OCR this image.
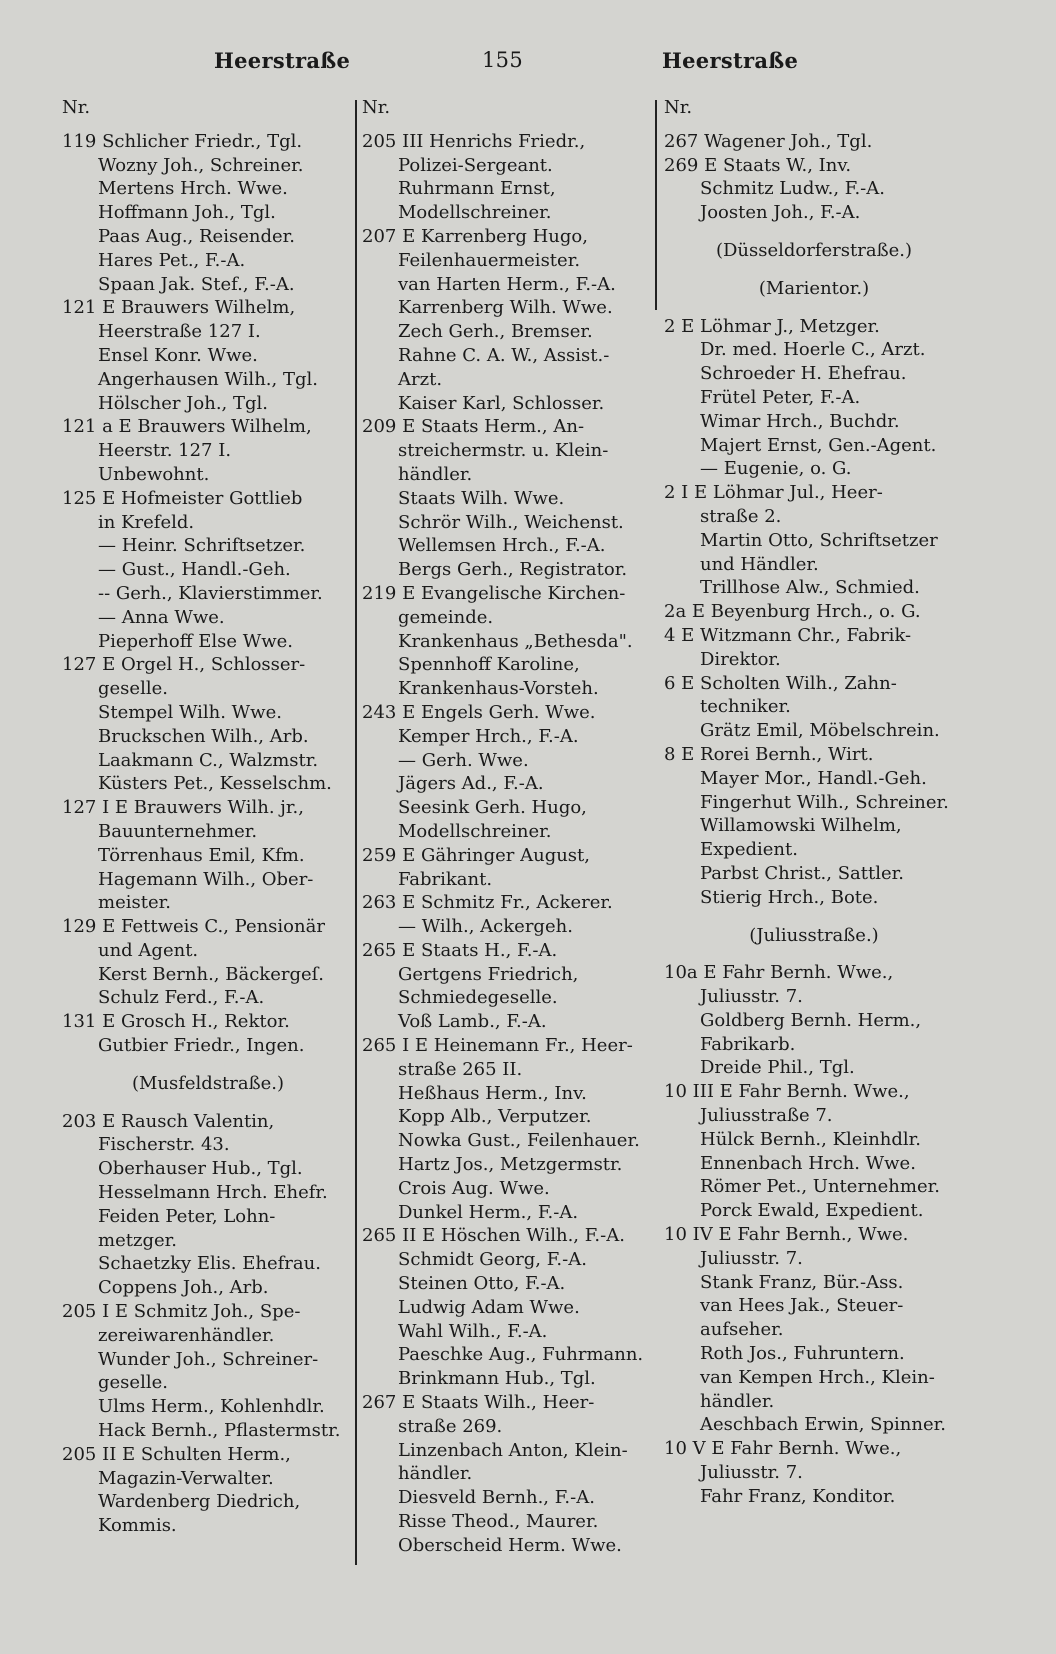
Heerstraße	155	Heerstraße
Nr.
119 Schlicher Friedr., Tgl.
Wozny Joh., Schreiner.
Mertens Hrch. Wwe.
Hoffmann Joh., Tgl.
Paas Aug., Reisender.
Hares Pet., F.-A.
Spaan Jak. Stef., F.-A.
121 E Brauwers Wilhelm,
Heerstraße 127 I.
Ensel Konr. Wwe.
Angerhausen Wilh., Tgl.
Hölscher Joh., Tgl.
121 a E Brauwers Wilhelm,
Heerstr. 127 I.
Unbewohnt.
125 E Hofmeister Gottlieb
in Krefeld.
— Heinr. Schriftsetzer.
— Gust., Handl.-Geh.
-- Gerh., Klavierstimmer.
— Anna Wwe.
Pieperhoff Else Wwe.
127 E Orgel H., Schlosser-
geselle.
Stempel Wilh. Wwe.
Bruckschen Wilh., Arb.
Laakmann C., Walzmstr.
Küsters Pet., Kesselschm.
127 I E Brauwers Wilh. jr.,
Bauunternehmer.
Törrenhaus Emil, Kfm.
Hagemann Wilh., Ober-
meister.
129 E Fettweis C., Pensionär
und Agent.
Kerst Bernh., Bäckergeſ.
Schulz Ferd., F.-A.
131 E Grosch H., Rektor.
Gutbier Friedr., Ingen.
(Musfeldstraße.)
203 E Rausch Valentin,
Fischerstr. 43.
Oberhauser Hub., Tgl.
Hesselmann Hrch. Ehefr.
Feiden Peter, Lohn-
metzger.
Schaetzky Elis. Ehefrau.
Coppens Joh., Arb.
205 I E Schmitz Joh., Spe-
zereiwarenhändler.
Wunder Joh., Schreiner-
geselle.
Ulms Herm., Kohlenhdlr.
Hack Bernh., Pflastermstr.
205 II E Schulten Herm.,
Magazin-Verwalter.
Wardenberg Diedrich,
Kommis.
Nr.
205 III Henrichs Friedr.,
Polizei-Sergeant.
Ruhrmann Ernst,
Modellschreiner.
207 E Karrenberg Hugo,
Feilenhauermeister.
van Harten Herm., F.-A.
Karrenberg Wilh. Wwe.
Zech Gerh., Bremser.
Rahne C. A. W., Assist.-
Arzt.
Kaiser Karl, Schlosser.
209 E Staats Herm., An-
streichermstr. u. Klein-
händler.
Staats Wilh. Wwe.
Schrör Wilh., Weichenst.
Wellemsen Hrch., F.-A.
Bergs Gerh., Registrator.
219 E Evangelische Kirchen-
gemeinde.
Krankenhaus „Bethesda".
Spennhoff Karoline,
Krankenhaus-Vorsteh.
243 E Engels Gerh. Wwe.
Kemper Hrch., F.-A.
— Gerh. Wwe.
Jägers Ad., F.-A.
Seesink Gerh. Hugo,
Modellschreiner.
259 E Gähringer August,
Fabrikant.
263 E Schmitz Fr., Ackerer.
— Wilh., Ackergeh.
265 E Staats H., F.-A.
Gertgens Friedrich,
Schmiedegeselle.
Voß Lamb., F.-A.
265 I E Heinemann Fr., Heer-
straße 265 II.
Heßhaus Herm., Inv.
Kopp Alb., Verputzer.
Nowka Gust., Feilenhauer.
Hartz Jos., Metzgermstr.
Crois Aug. Wwe.
Dunkel Herm., F.-A.
265 II E Höschen Wilh., F.-A.
Schmidt Georg, F.-A.
Steinen Otto, F.-A.
Ludwig Adam Wwe.
Wahl Wilh., F.-A.
Paeschke Aug., Fuhrmann.
Brinkmann Hub., Tgl.
267 E Staats Wilh., Heer-
straße 269.
Linzenbach Anton, Klein-
händler.
Diesveld Bernh., F.-A.
Risse Theod., Maurer.
Oberscheid Herm. Wwe.
Nr.
267 Wagener Joh., Tgl.
269 E Staats W., Inv.
Schmitz Ludw., F.-A.
Joosten Joh., F.-A.
(Düsseldorferstraße.)
(Marientor.)
2 E Löhmar J., Metzger.
Dr. med. Hoerle C., Arzt.
Schroeder H. Ehefrau.
Frütel Peter, F.-A.
Wimar Hrch., Buchdr.
Majert Ernst, Gen.-Agent.
— Eugenie, o. G.
2 I E Löhmar Jul., Heer-
straße 2.
Martin Otto, Schriftsetzer
und Händler.
Trillhose Alw., Schmied.
2a E Beyenburg Hrch., o. G.
4 E Witzmann Chr., Fabrik-
Direktor.
6 E Scholten Wilh., Zahn-
techniker.
Grätz Emil, Möbelschrein.
8 E Rorei Bernh., Wirt.
Mayer Mor., Handl.-Geh.
Fingerhut Wilh., Schreiner.
Willamowski Wilhelm,
Expedient.
Parbst Christ., Sattler.
Stierig Hrch., Bote.
(Juliusstraße.)
10a E Fahr Bernh. Wwe.,
Juliusstr. 7.
Goldberg Bernh. Herm.,
Fabrikarb.
Dreide Phil., Tgl.
10 III E Fahr Bernh. Wwe.,
Juliusstraße 7.
Hülck Bernh., Kleinhdlr.
Ennenbach Hrch. Wwe.
Römer Pet., Unternehmer.
Porck Ewald, Expedient.
10 IV E Fahr Bernh., Wwe.
Juliusstr. 7.
Stank Franz, Bür.-Ass.
van Hees Jak., Steuer-
aufseher.
Roth Jos., Fuhruntern.
van Kempen Hrch., Klein-
händler.
Aeschbach Erwin, Spinner.
10 V E Fahr Bernh. Wwe.,
Juliusstr. 7.
Fahr Franz, Konditor.
